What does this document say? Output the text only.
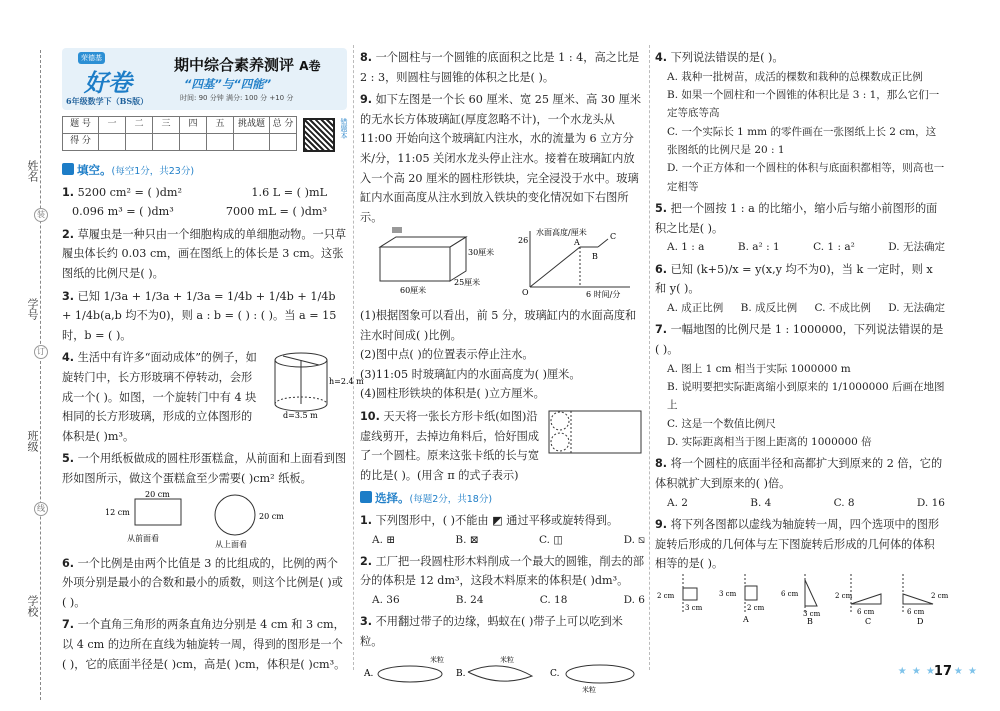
姓名
装
学号
订
班级
线
学校
荣德基
好卷
6年级数学下（BS版）
期中综合素养测评 A卷
“四基”与“四能”
时间: 90 分钟 满分: 100 分 +10 分
题 号	一	二	三	四	五	挑战题	总 分
得 分							
错题本
填空。(每空1分，共23分)
1. 5200 cm² = ( )dm²	1.6 L = ( )mL
0.096 m³ = ( )dm³	7000 mL = ( )dm³
2. 草履虫是一种只由一个细胞构成的单细胞动物。一只草履虫体长约 0.03 cm，画在图纸上的体长是 3 cm。这张图纸的比例尺是( )。
3. 已知 1/3a + 1/3a + 1/3a = 1/4b + 1/4b + 1/4b + 1/4b(a,b 均不为0)，则 a : b = ( ) : ( )。当 a = 15 时，b = ( )。
4. 生活中有许多“面动成体”的例子，如旋转门中，长方形玻璃不停转动，会形成一个( )。如图，一个旋转门中有 4 块相同的长方形玻璃，形成的立体图形的体积是( )m³。
h=2.4 m
d=3.5 m
5. 一个用纸板做成的圆柱形蛋糕盒，从前面和上面看到图形如图所示，做这个蛋糕盒至少需要( )cm² 纸板。
20 cm
12 cm
从前面看
20 cm
从上面看
6. 一个比例是由两个比值是 3 的比组成的，比例的两个外项分别是最小的合数和最小的质数，则这个比例是( )或( )。
7. 一个直角三角形的两条直角边分别是 4 cm 和 3 cm，以 4 cm 的边所在直线为轴旋转一周，得到的图形是一个( )，它的底面半径是( )cm，高是( )cm，体积是( )cm³。
8. 一个圆柱与一个圆锥的底面积之比是 1 : 4，高之比是 2 : 3，则圆柱与圆锥的体积之比是( )。
9. 如下左图是一个长 60 厘米、宽 25 厘米、高 30 厘米的无水长方体玻璃缸(厚度忽略不计)，一个水龙头从 11:00 开始向这个玻璃缸内注水，水的流量为 6 立方分米/分，11:05 关闭水龙头停止注水。接着在玻璃缸内放入一个高 20 厘米的圆柱形铁块，完全浸没于水中。玻璃缸内水面高度从注水到放入铁块的变化情况如下右图所示。
60厘米
25厘米
30厘米
水面高度/厘米
6 时间/分
26
O
A
B
C
(1)根据图象可以看出，前 5 分，玻璃缸内的水面高度和注水时间成( )比例。
(2)图中点( )的位置表示停止注水。
(3)11:05 时玻璃缸内的水面高度为( )厘米。
(4)圆柱形铁块的体积是( )立方厘米。
10. 天天将一张长方形卡纸(如图)沿虚线剪开，去掉边角料后，恰好围成了一个圆柱。原来这张卡纸的长与宽的比是( )。(用含 π 的式子表示)
选择。(每题2分，共18分)
1. 下列图形中，( )不能由 ◩ 通过平移或旋转得到。
A. ⊞	B. ⊠	C. ◫	D. ⧅
2. 工厂把一段圆柱形木料削成一个最大的圆锥，削去的部分的体积是 12 dm³，这段木料原来的体积是( )dm³。
A. 36	B. 24	C. 18	D. 6
3. 不用翻过带子的边缘，蚂蚁在( )带子上可以吃到米粒。
A.
米粒
B.
米粒
C.
米粒
4. 下列说法错误的是( )。
A. 栽种一批树苗，成活的棵数和栽种的总棵数成正比例
B. 如果一个圆柱和一个圆锥的体积比是 3 : 1，那么它们一定等底等高
C. 一个实际长 1 mm 的零件画在一张图纸上长 2 cm，这张图纸的比例尺是 20 : 1
D. 一个正方体和一个圆柱的体积与底面积都相等，则高也一定相等
5. 把一个圆按 1 : a 的比缩小，缩小后与缩小前图形的面积之比是( )。
A. 1 : a	B. a² : 1	C. 1 : a²	D. 无法确定
6. 已知 (k+5)/x = y(x,y 均不为0)，当 k 一定时，则 x 和 y( )。
A. 成正比例 B. 成反比例 C. 不成比例 D. 无法确定
7. 一幅地图的比例尺是 1 : 1000000，下列说法错误的是( )。
A. 图上 1 cm 相当于实际 1000000 m
B. 说明要把实际距离缩小到原来的 1/1000000 后画在地图上
C. 这是一个数值比例尺
D. 实际距离相当于图上距离的 1000000 倍
8. 将一个圆柱的底面半径和高都扩大到原来的 2 倍，它的体积就扩大到原来的( )倍。
A. 2	B. 4	C. 8	D. 16
9. 将下列各图都以虚线为轴旋转一周，四个选项中的图形旋转后形成的几何体与左下图旋转后形成的几何体的体积相等的是( )。
2 cm
3 cm
3 cm
2 cm
A
6 cm
3 cm
B
2 cm
6 cm
C
6 cm
2 cm
D
★ ★ ★
17 ★ ★
